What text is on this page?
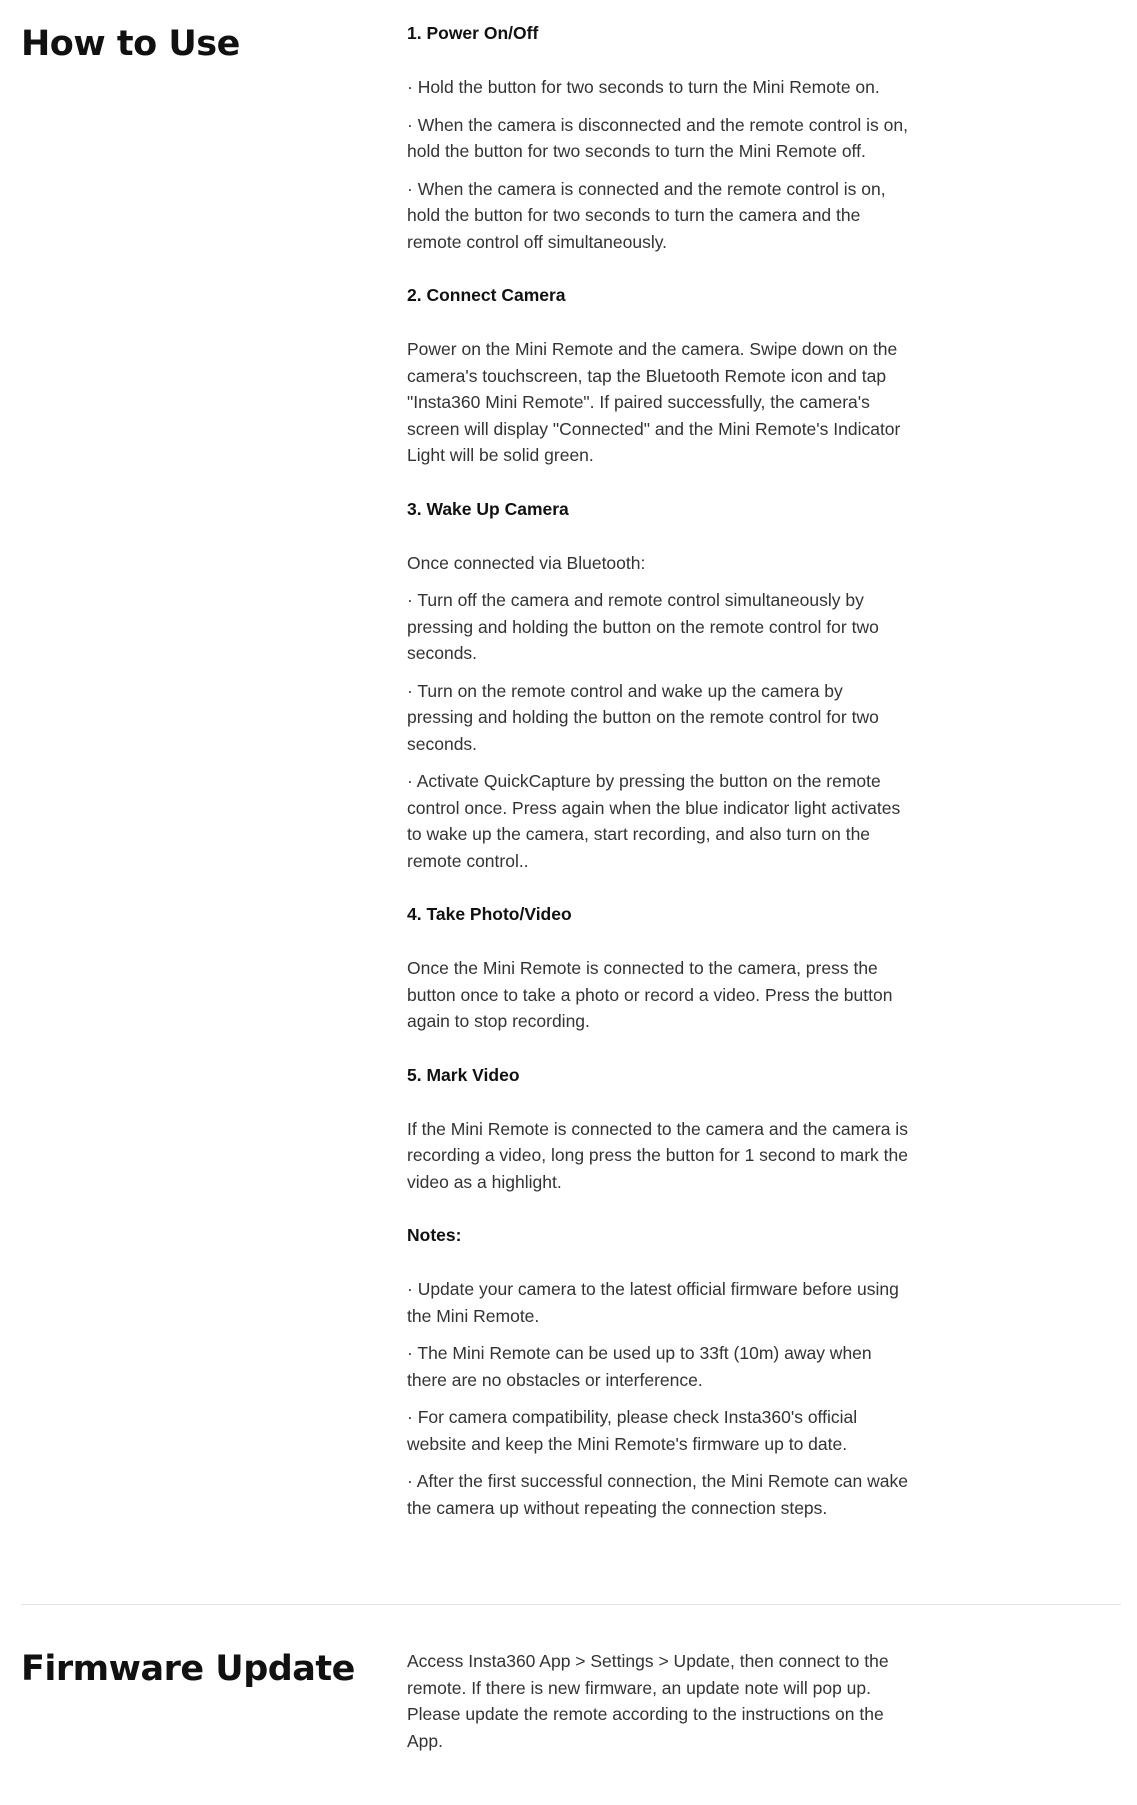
How to Use	1. Power On/Off

· Hold the button for two seconds to turn the Mini Remote on.

· When the camera is disconnected and the remote control is on, hold the button for two seconds to turn the Mini Remote off.

· When the camera is connected and the remote control is on, hold the button for two seconds to turn the camera and the remote control off simultaneously.

2. Connect Camera

Power on the Mini Remote and the camera. Swipe down on the camera's touchscreen, tap the Bluetooth Remote icon and tap "Insta360 Mini Remote". If paired successfully, the camera's screen will display "Connected" and the Mini Remote's Indicator Light will be solid green.

3. Wake Up Camera

Once connected via Bluetooth:

· Turn off the camera and remote control simultaneously by pressing and holding the button on the remote control for two seconds.

· Turn on the remote control and wake up the camera by pressing and holding the button on the remote control for two seconds.

· Activate QuickCapture by pressing the button on the remote control once. Press again when the blue indicator light activates to wake up the camera, start recording, and also turn on the remote control..

4. Take Photo/Video

Once the Mini Remote is connected to the camera, press the button once to take a photo or record a video. Press the button again to stop recording.

5. Mark Video

If the Mini Remote is connected to the camera and the camera is recording a video, long press the button for 1 second to mark the video as a highlight.

Notes:

· Update your camera to the latest official firmware before using the Mini Remote.

· The Mini Remote can be used up to 33ft (10m) away when there are no obstacles or interference.

· For camera compatibility, please check Insta360's official website and keep the Mini Remote's firmware up to date.

· After the first successful connection, the Mini Remote can wake the camera up without repeating the connection steps.

Firmware Update	Access Insta360 App > Settings > Update, then connect to the remote. If there is new firmware, an update note will pop up. Please update the remote according to the instructions on the App.
